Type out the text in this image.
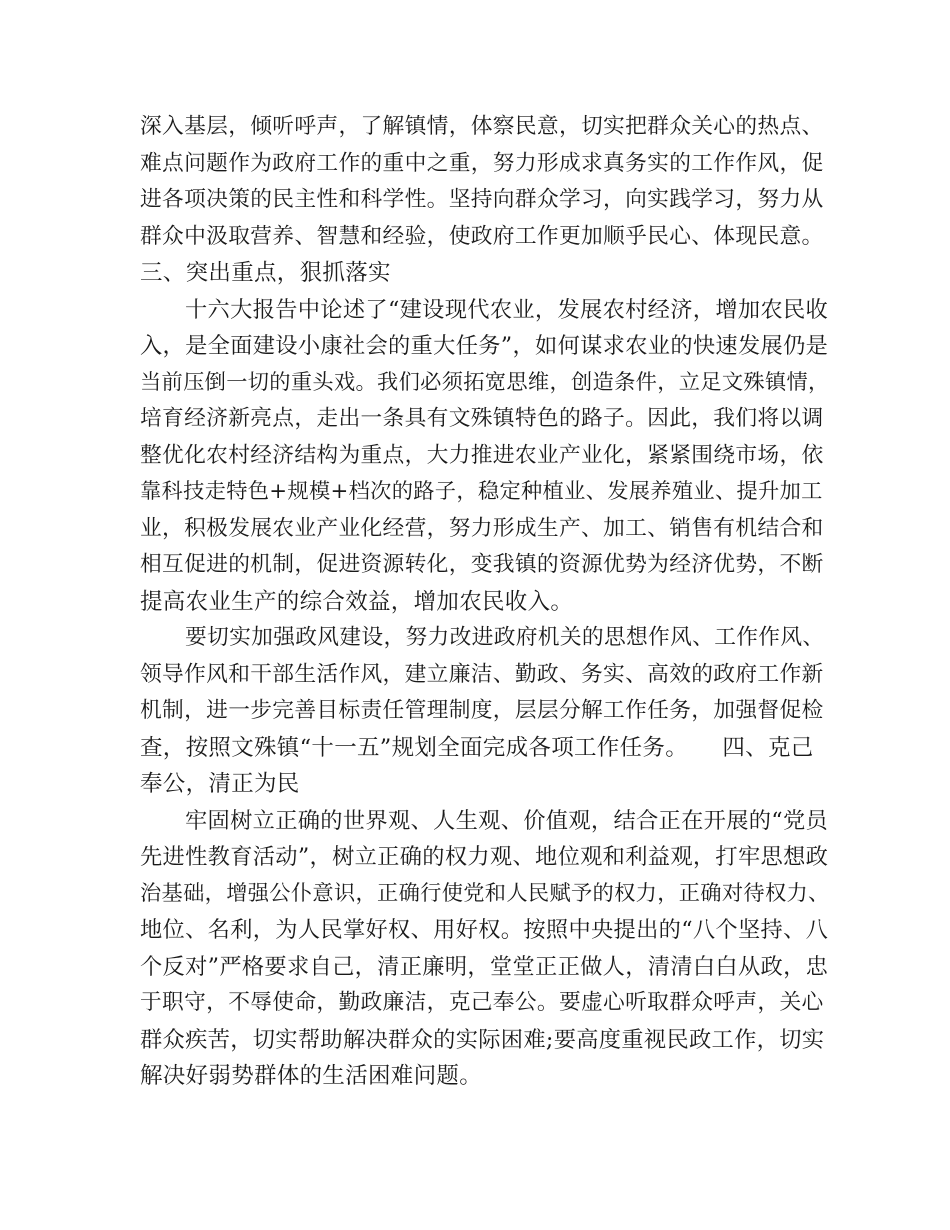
深入基层，倾听呼声，了解镇情，体察民意，切实把群众关心的热点、
难点问题作为政府工作的重中之重，努力形成求真务实的工作作风，促
进各项决策的民主性和科学性。坚持向群众学习，向实践学习，努力从
群众中汲取营养、智慧和经验，使政府工作更加顺乎民心、体现民意。
三、突出重点，狠抓落实
十六大报告中论述了“建设现代农业，发展农村经济，增加农民收
入，是全面建设小康社会的重大任务”，如何谋求农业的快速发展仍是
当前压倒一切的重头戏。我们必须拓宽思维，创造条件，立足文殊镇情，
培育经济新亮点，走出一条具有文殊镇特色的路子。因此，我们将以调
整优化农村经济结构为重点，大力推进农业产业化，紧紧围绕市场，依
靠科技走特色+规模+档次的路子，稳定种植业、发展养殖业、提升加工
业，积极发展农业产业化经营，努力形成生产、加工、销售有机结合和
相互促进的机制，促进资源转化，变我镇的资源优势为经济优势，不断
提高农业生产的综合效益，增加农民收入。
要切实加强政风建设，努力改进政府机关的思想作风、工作作风、
领导作风和干部生活作风，建立廉洁、勤政、务实、高效的政府工作新
机制，进一步完善目标责任管理制度，层层分解工作任务，加强督促检
查，按照文殊镇“十一五”规划全面完成各项工作任务。　　四、克己
奉公，清正为民
牢固树立正确的世界观、人生观、价值观，结合正在开展的“党员
先进性教育活动”，树立正确的权力观、地位观和利益观，打牢思想政
治基础，增强公仆意识，正确行使党和人民赋予的权力，正确对待权力、
地位、名利，为人民掌好权、用好权。按照中央提出的“八个坚持、八
个反对”严格要求自己，清正廉明，堂堂正正做人，清清白白从政，忠
于职守，不辱使命，勤政廉洁，克己奉公。要虚心听取群众呼声，关心
群众疾苦，切实帮助解决群众的实际困难;要高度重视民政工作，切实
解决好弱势群体的生活困难问题。
